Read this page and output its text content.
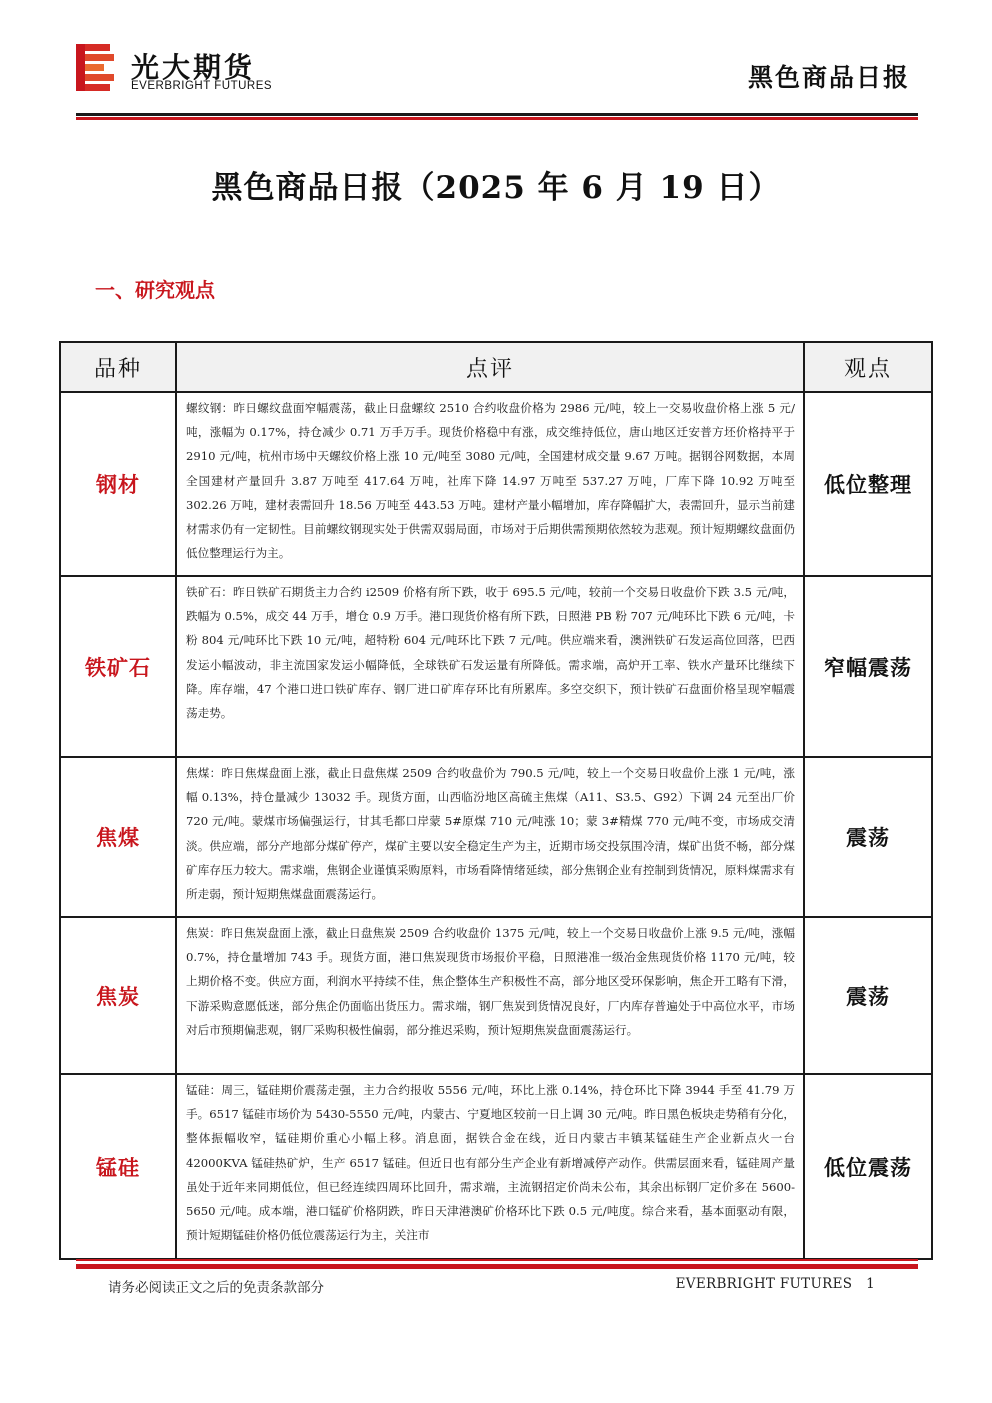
光大期货
EVERBRIGHT FUTURES	黑色商品日报
黑色商品日报（2025 年 6 月 19 日）
一、研究观点
品种	点评	观点
钢材	螺纹钢：昨日螺纹盘面窄幅震荡，截止日盘螺纹 2510 合约收盘价格为 2986 元/吨，较上一交易收盘价格上涨 5 元/吨，涨幅为 0.17%，持仓减少 0.71 万手万手。现货价格稳中有涨，成交维持低位，唐山地区迁安普方坯价格持平于 2910 元/吨，杭州市场中天螺纹价格上涨 10 元/吨至 3080 元/吨，全国建材成交量 9.67 万吨。据钢谷网数据，本周全国建材产量回升 3.87 万吨至 417.64 万吨，社库下降 14.97 万吨至 537.27 万吨，厂库下降 10.92 万吨至 302.26 万吨，建材表需回升 18.56 万吨至 443.53 万吨。建材产量小幅增加，库存降幅扩大，表需回升，显示当前建材需求仍有一定韧性。目前螺纹钢现实处于供需双弱局面，市场对于后期供需预期依然较为悲观。预计短期螺纹盘面仍低位整理运行为主。	低位整理
铁矿石	铁矿石：昨日铁矿石期货主力合约 i2509 价格有所下跌，收于 695.5 元/吨，较前一个交易日收盘价下跌 3.5 元/吨，跌幅为 0.5%，成交 44 万手，增仓 0.9 万手。港口现货价格有所下跌，日照港 PB 粉 707 元/吨环比下跌 6 元/吨，卡粉 804 元/吨环比下跌 10 元/吨，超特粉 604 元/吨环比下跌 7 元/吨。供应端来看，澳洲铁矿石发运高位回落，巴西发运小幅波动，非主流国家发运小幅降低，全球铁矿石发运量有所降低。需求端，高炉开工率、铁水产量环比继续下降。库存端，47 个港口进口铁矿库存、钢厂进口矿库存环比有所累库。多空交织下，预计铁矿石盘面价格呈现窄幅震荡走势。	窄幅震荡
焦煤	焦煤：昨日焦煤盘面上涨，截止日盘焦煤 2509 合约收盘价为 790.5 元/吨，较上一个交易日收盘价上涨 1 元/吨，涨幅 0.13%，持仓量减少 13032 手。现货方面，山西临汾地区高硫主焦煤（A11、S3.5、G92）下调 24 元至出厂价 720 元/吨。蒙煤市场偏强运行，甘其毛都口岸蒙 5#原煤 710 元/吨涨 10；蒙 3#精煤 770 元/吨不变，市场成交清淡。供应端，部分产地部分煤矿停产，煤矿主要以安全稳定生产为主，近期市场交投氛围冷清，煤矿出货不畅，部分煤矿库存压力较大。需求端，焦钢企业谨慎采购原料，市场看降情绪延续，部分焦钢企业有控制到货情况，原料煤需求有所走弱，预计短期焦煤盘面震荡运行。	震荡
焦炭	焦炭：昨日焦炭盘面上涨，截止日盘焦炭 2509 合约收盘价 1375 元/吨，较上一个交易日收盘价上涨 9.5 元/吨，涨幅 0.7%，持仓量增加 743 手。现货方面，港口焦炭现货市场报价平稳，日照港准一级冶金焦现货价格 1170 元/吨，较上期价格不变。供应方面，利润水平持续不佳，焦企整体生产积极性不高，部分地区受环保影响，焦企开工略有下滑，下游采购意愿低迷，部分焦企仍面临出货压力。需求端，钢厂焦炭到货情况良好，厂内库存普遍处于中高位水平，市场对后市预期偏悲观，钢厂采购积极性偏弱，部分推迟采购，预计短期焦炭盘面震荡运行。	震荡
锰硅	锰硅：周三，锰硅期价震荡走强，主力合约报收 5556 元/吨，环比上涨 0.14%，持仓环比下降 3944 手至 41.79 万手。6517 锰硅市场价为 5430-5550 元/吨，内蒙古、宁夏地区较前一日上调 30 元/吨。昨日黑色板块走势稍有分化，整体振幅收窄，锰硅期价重心小幅上移。消息面，据铁合金在线，近日内蒙古丰镇某锰硅生产企业新点火一台 42000KVA 锰硅热矿炉，生产 6517 锰硅。但近日也有部分生产企业有新增减停产动作。供需层面来看，锰硅周产量虽处于近年来同期低位，但已经连续四周环比回升，需求端，主流钢招定价尚未公布，其余出标钢厂定价多在 5600-5650 元/吨。成本端，港口锰矿价格阴跌，昨日天津港澳矿价格环比下跌 0.5 元/吨度。综合来看，基本面驱动有限，预计短期锰硅价格仍低位震荡运行为主，关注市	低位震荡
请务必阅读正文之后的免责条款部分	EVERBRIGHT FUTURES 1
